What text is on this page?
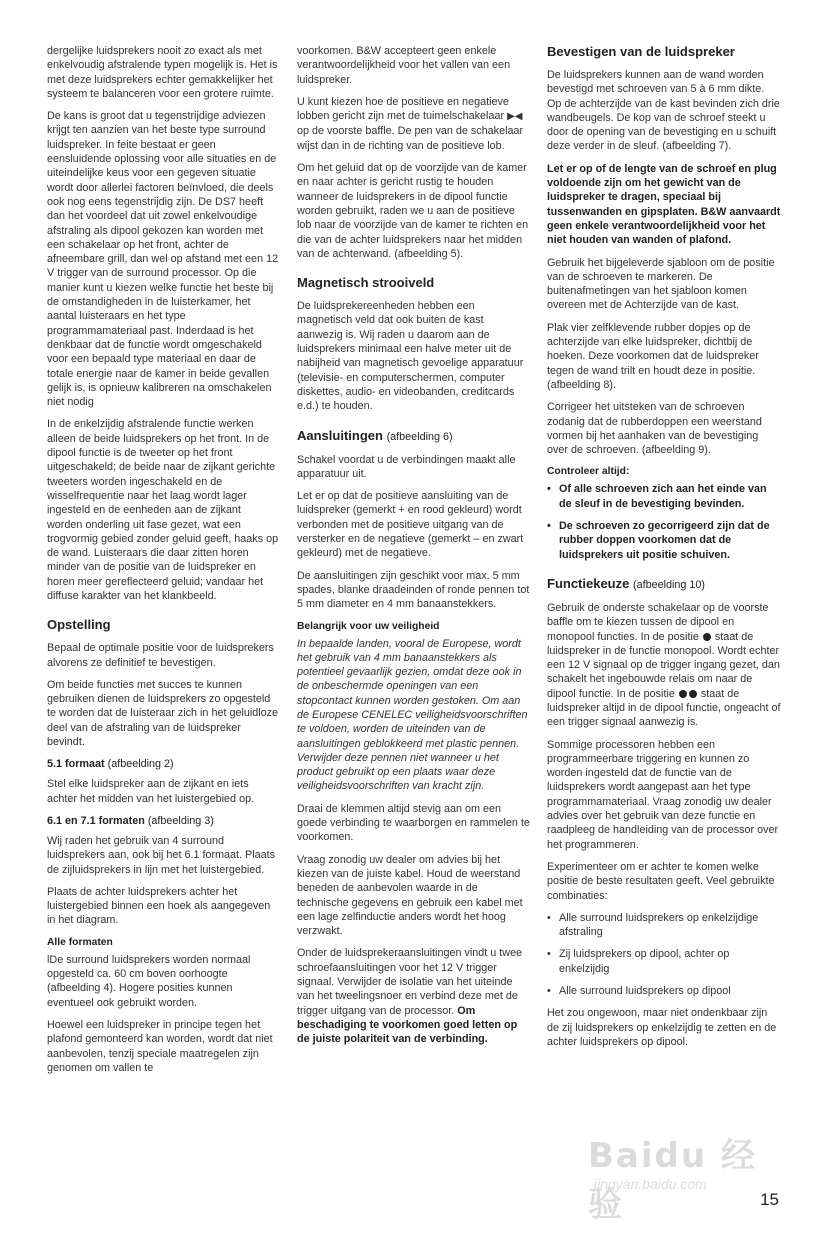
dergelijke luidsprekers nooit zo exact als met enkelvoudig afstralende typen mogelijk is. Het is met deze luidsprekers echter gemakkelijker het systeem te balanceren voor een grotere ruimte.

De kans is groot dat u tegenstrijdige adviezen krijgt ten aanzien van het beste type surround luidspreker. In feite bestaat er geen eensluidende oplossing voor alle situaties en de uiteindelijke keus voor een gegeven situatie wordt door allerlei factoren beïnvloed, die deels ook nog eens tegenstrijdig zijn. De DS7 heeft dan het voordeel dat uit zowel enkelvoudige afstraling als dipool gekozen kan worden met een schakelaar op het front, achter de afneembare grill, dan wel op afstand met een 12 V trigger van de surround processor. Op die manier kunt u kiezen welke functie het beste bij de omstandigheden in de luisterkamer, het aantal luisteraars en het type programmamateriaal past. Inderdaad is het denkbaar dat de functie wordt omgeschakeld voor een bepaald type materiaal en daar de totale energie naar de kamer in beide gevallen gelijk is, is opnieuw kalibreren na omschakelen niet nodig

In de enkelzijdig afstralende functie werken alleen de beide luidsprekers op het front. In de dipool functie is de tweeter op het front uitgeschakeld; de beide naar de zijkant gerichte tweeters worden ingeschakeld en de wisselfrequentie naar het laag wordt lager ingesteld en de eenheden aan de zijkant worden onderling uit fase gezet, wat een trogvormig gebied zonder geluid geeft, haaks op de wand. Luisteraars die daar zitten horen minder van de positie van de luidspreker en horen meer gereflecteerd geluid; vandaar het diffuse karakter van het klankbeeld.

Opstelling

Bepaal de optimale positie voor de luidsprekers alvorens ze definitief te bevestigen.

Om beide functies met succes te kunnen gebruiken dienen de luidsprekers zo opgesteld te worden dat de luisteraar zich in het geluidloze deel van de afstraling van de luidspreker bevindt.

5.1 formaat (afbeelding 2)

Stel elke luidspreker aan de zijkant en iets achter het midden van het luistergebied op.

6.1 en 7.1 formaten (afbeelding 3)

Wij raden het gebruik van 4 surround luidsprekers aan, ook bij het 6.1 formaat. Plaats de zijluidsprekers in lijn met het luistergebied.

Plaats de achter luidsprekers achter het luistergebied binnen een hoek als aangegeven in het diagram.

Alle formaten

lDe surround luidsprekers worden normaal opgesteld ca. 60 cm boven oorhoogte (afbeelding 4). Hogere posities kunnen eventueel ook gebruikt worden.

Hoewel een luidspreker in principe tegen het plafond gemonteerd kan worden, wordt dat niet aanbevolen, tenzij speciale maatregelen zijn genomen om vallen te

voorkomen. B&W accepteert geen enkele verantwoordelijkheid voor het vallen van een luidspreker.

U kunt kiezen hoe de positieve en negatieve lobben gericht zijn met de tuimelschakelaar ▶◀ op de voorste baffle. De pen van de schakelaar wijst dan in de richting van de positieve lob.

Om het geluid dat op de voorzijde van de kamer en naar achter is gericht rustig te houden wanneer de luidsprekers in de dipool functie worden gebruikt, raden we u aan de positieve lob naar de voorzijde van de kamer te richten en die van de achter luidsprekers naar het midden van de achterwand. (afbeelding 5).

Magnetisch strooiveld

De luidsprekereenheden hebben een magnetisch veld dat ook buiten de kast aanwezig is. Wij raden u daarom aan de luidsprekers minimaal een halve meter uit de nabijheid van magnetisch gevoelige apparatuur (televisie- en computerschermen, computer diskettes, audio- en videobanden, creditcards e.d.) te houden.

Aansluitingen (afbeelding 6)

Schakel voordat u de verbindingen maakt alle apparatuur uit.

Let er op dat de positieve aansluiting van de luidspreker (gemerkt + en rood gekleurd) wordt verbonden met de positieve uitgang van de versterker en de negatieve (gemerkt – en zwart gekleurd) met de negatieve.

De aansluitingen zijn geschikt voor max. 5 mm spades, blanke draadeinden of ronde pennen tot 5 mm diameter en 4 mm banaanstekkers.

Belangrijk voor uw veiligheid

In bepaalde landen, vooral de Europese, wordt het gebruik van 4 mm banaanstekkers als potentieel gevaarlijk gezien, omdat deze ook in de onbeschermde openingen van een stopcontact kunnen worden gestoken. Om aan de Europese CENELEC veiligheidsvoorschriften te voldoen, worden de uiteinden van de aansluitingen geblokkeerd met plastic pennen. Verwijder deze pennen niet wanneer u het product gebruikt op een plaats waar deze veiligheidsvoorschriften van kracht zijn.

Draai de klemmen altijd stevig aan om een goede verbinding te waarborgen en rammelen te voorkomen.

Vraag zonodig uw dealer om advies bij het kiezen van de juiste kabel. Houd de weerstand beneden de aanbevolen waarde in de technische gegevens en gebruik een kabel met een lage zelfinductie anders wordt het hoog verzwakt.

Onder de luidsprekeraansluitingen vindt u twee schroefaansluitingen voor het 12 V trigger signaal. Verwijder de isolatie van het uiteinde van het tweelingsnoer en verbind deze met de trigger uitgang van de processor. Om beschadiging te voorkomen goed letten op de juiste polariteit van de verbinding.

Bevestigen van de luidspreker

De luidsprekers kunnen aan de wand worden bevestigd met schroeven van 5 à 6 mm dikte. Op de achterzijde van de kast bevinden zich drie wandbeugels. De kop van de schroef steekt u door de opening van de bevestiging en u schuift deze verder in de sleuf. (afbeelding 7).

Let er op of de lengte van de schroef en plug voldoende zijn om het gewicht van de luidspreker te dragen, speciaal bij tussenwanden en gipsplaten. B&W aanvaardt geen enkele verantwoordelijkheid voor het niet houden van wanden of plafond.

Gebruik het bijgeleverde sjabloon om de positie van de schroeven te markeren. De buitenafmetingen van het sjabloon komen overeen met de Achterzijde van de kast.

Plak vier zelfklevende rubber dopjes op de achterzijde van elke luidspreker, dichtbij de hoeken. Deze voorkomen dat de luidspreker tegen de wand trilt en houdt deze in positie. (afbeelding 8).

Corrigeer het uitsteken van de schroeven zodanig dat de rubberdoppen een weerstand vormen bij het aanhaken van de bevestiging over de schroeven. (afbeelding 9).

Controleer altijd:
• Of alle schroeven zich aan het einde van de sleuf in de bevestiging bevinden.
• De schroeven zo gecorrigeerd zijn dat de rubber doppen voorkomen dat de luidsprekers uit positie schuiven.
Functiekeuze (afbeelding 10)

Gebruik de onderste schakelaar op de voorste baffle om te kiezen tussen de dipool en monopool functies. In de positie staat de luidspreker in de functie monopool. Wordt echter een 12 V signaal op de trigger ingang gezet, dan schakelt het ingebouwde relais om naar de dipool functie. In de positie staat de luidspreker altijd in de dipool functie, ongeacht of een trigger signaal aanwezig is.

Sommige processoren hebben een programmeerbare triggering en kunnen zo worden ingesteld dat de functie van de luidsprekers wordt aangepast aan het type programmamateriaal. Vraag zonodig uw dealer advies over het gebruik van deze functie en raadpleeg de handleiding van de processor over het programmeren.

Experimenteer om er achter te komen welke positie de beste resultaten geeft. Veel gebruikte combinaties:

• Alle surround luidsprekers op enkelzijdige afstraling
• Zij luidsprekers op dipool, achter op enkelzijdig
• Alle surround luidsprekers op dipool

Het zou ongewoon, maar niet ondenkbaar zijn de zij luidsprekers op enkelzijdig te zetten en de achter luidsprekers op dipool.

Baidu 经验
jingyan.baidu.com
15
